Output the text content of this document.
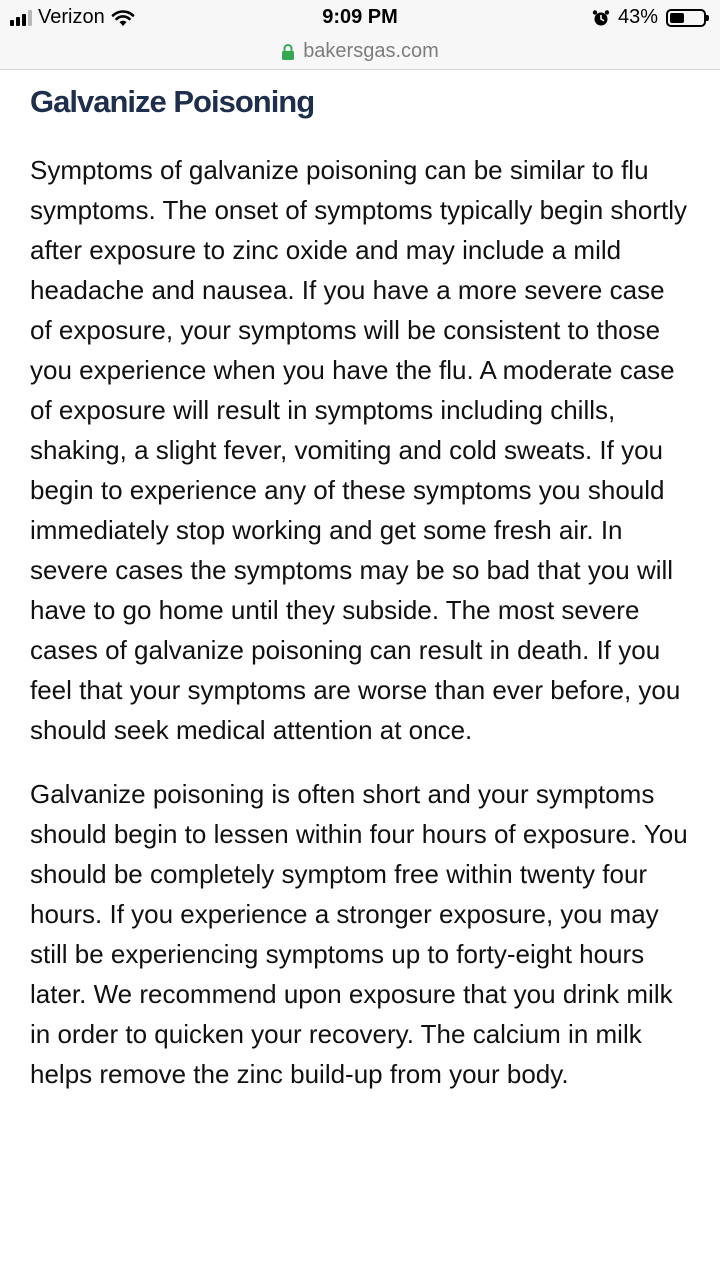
Verizon	9:09 PM	43%
bakersgas.com
Galvanize Poisoning

Symptoms of galvanize poisoning can be similar to flu symptoms. The onset of symptoms typically begin shortly after exposure to zinc oxide and may include a mild headache and nausea. If you have a more severe case of exposure, your symptoms will be consistent to those you experience when you have the flu. A moderate case of exposure will result in symptoms including chills, shaking, a slight fever, vomiting and cold sweats. If you begin to experience any of these symptoms you should immediately stop working and get some fresh air. In severe cases the symptoms may be so bad that you will have to go home until they subside. The most severe cases of galvanize poisoning can result in death. If you feel that your symptoms are worse than ever before, you should seek medical attention at once.

Galvanize poisoning is often short and your symptoms should begin to lessen within four hours of exposure. You should be completely symptom free within twenty four hours. If you experience a stronger exposure, you may still be experiencing symptoms up to forty-eight hours later. We recommend upon exposure that you drink milk in order to quicken your recovery. The calcium in milk helps remove the zinc build-up from your body.
